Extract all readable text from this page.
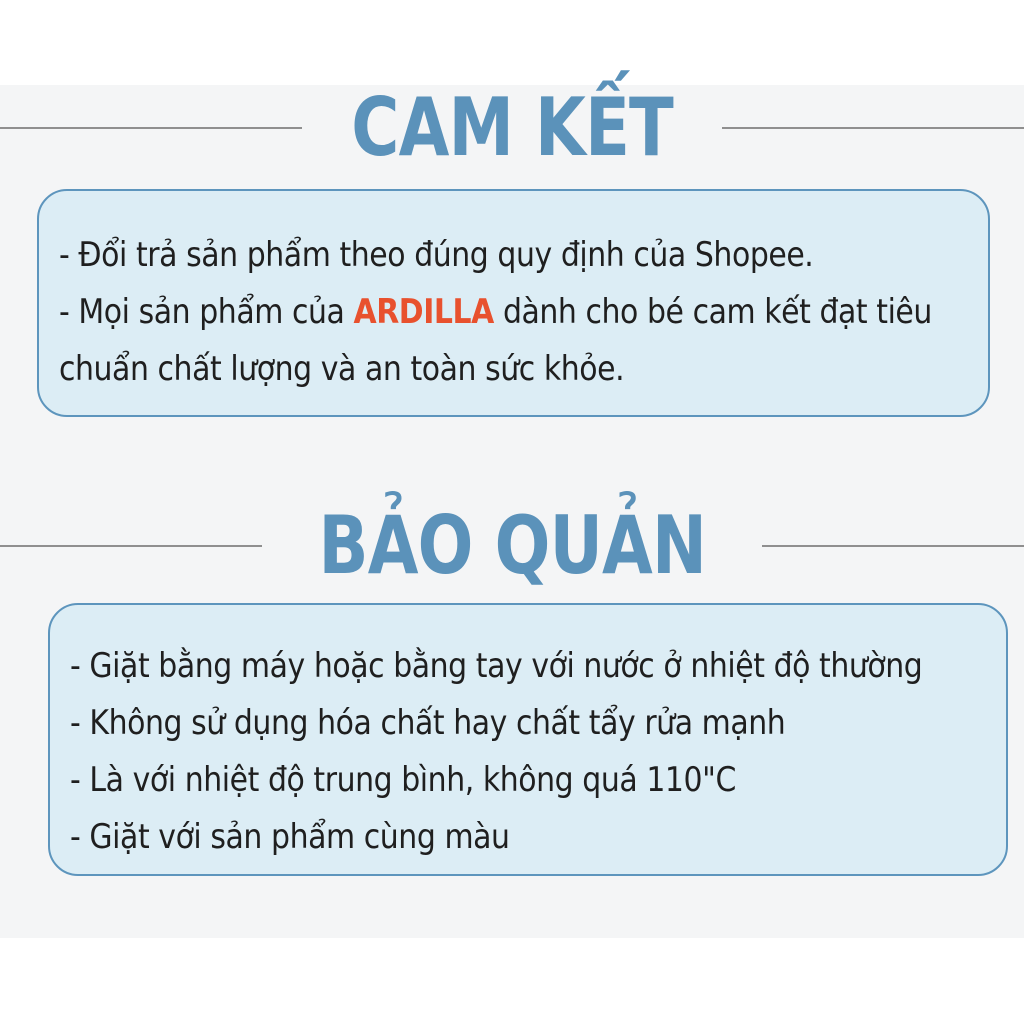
CAM KẾT
- Đổi trả sản phẩm theo đúng quy định của Shopee.
- Mọi sản phẩm của ARDILLA dành cho bé cam kết đạt tiêu
chuẩn chất lượng và an toàn sức khỏe.
BẢO QUẢN
- Giặt bằng máy hoặc bằng tay với nước ở nhiệt độ thường
- Không sử dụng hóa chất hay chất tẩy rửa mạnh
- Là với nhiệt độ trung bình, không quá 110"C
- Giặt với sản phẩm cùng màu
